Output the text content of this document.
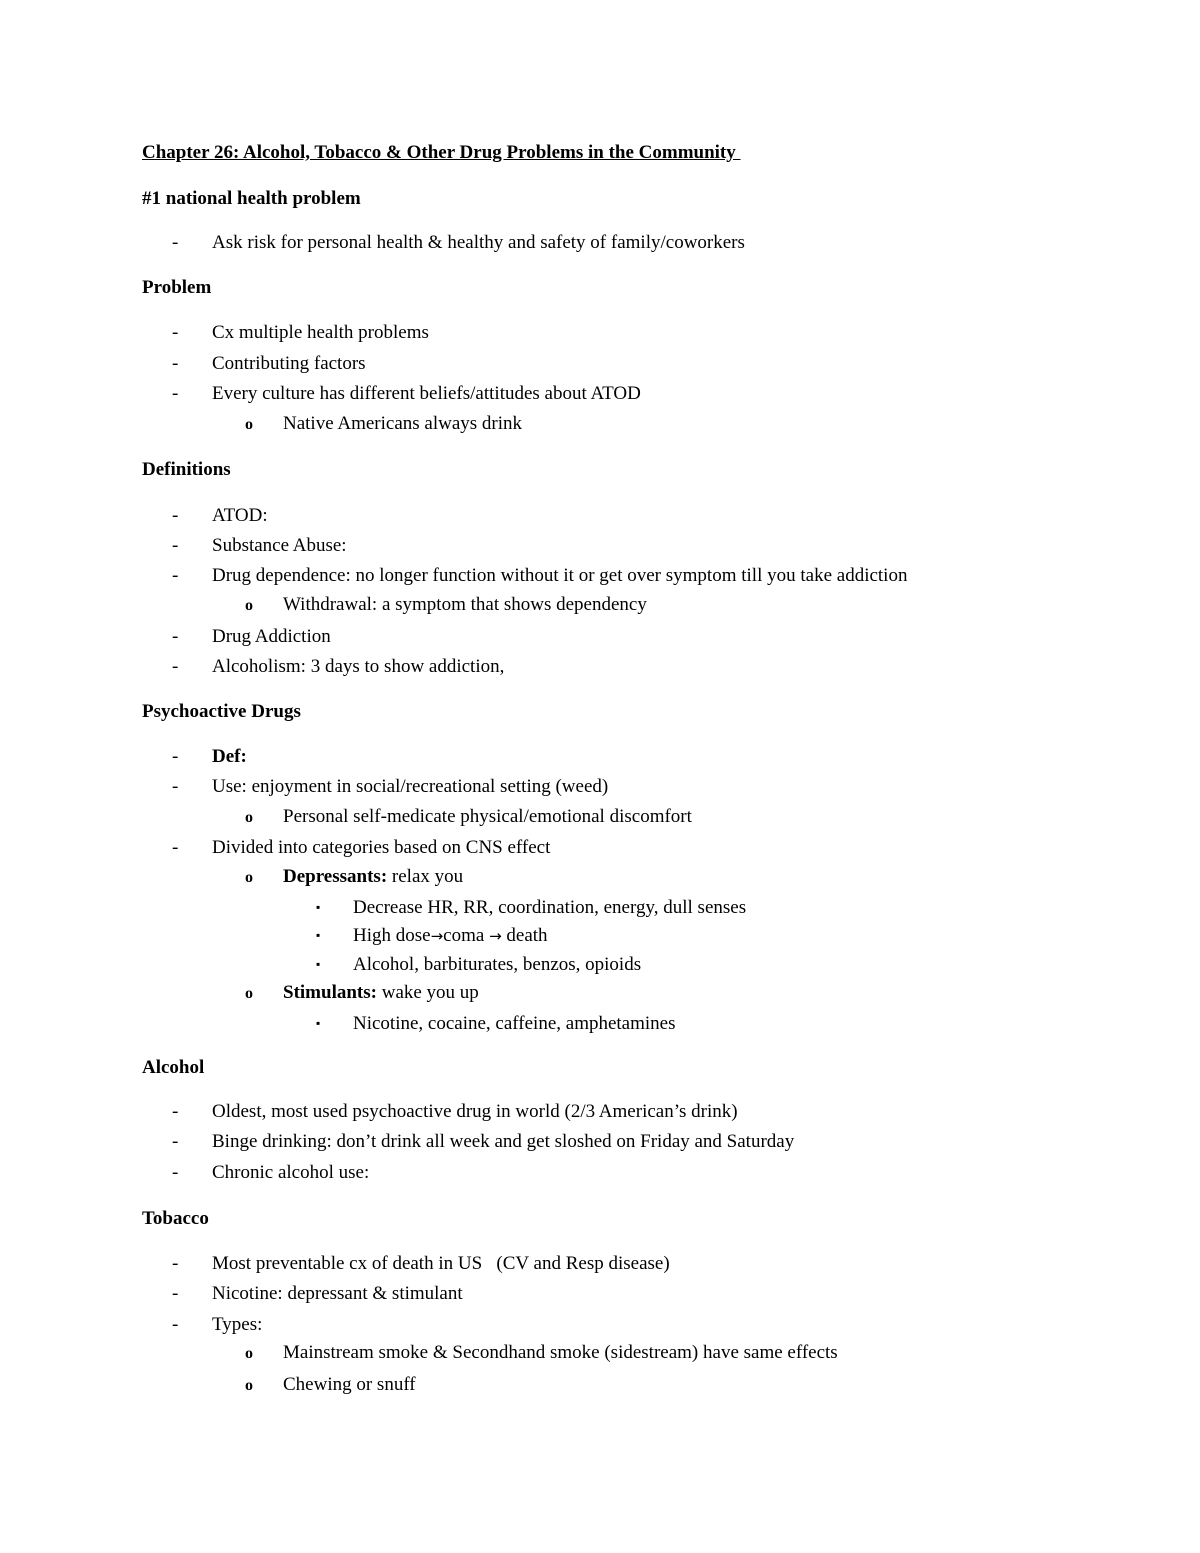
Chapter 26: Alcohol, Tobacco & Other Drug Problems in the Community
#1 national health problem
- Ask risk for personal health & healthy and safety of family/coworkers
Problem
- Cx multiple health problems
- Contributing factors
- Every culture has different beliefs/attitudes about ATOD
o Native Americans always drink
Definitions
- ATOD:
- Substance Abuse:
- Drug dependence: no longer function without it or get over symptom till you take addiction
o Withdrawal: a symptom that shows dependency
- Drug Addiction
- Alcoholism: 3 days to show addiction,
Psychoactive Drugs
- Def:
- Use: enjoyment in social/recreational setting (weed)
o Personal self-medicate physical/emotional discomfort
- Divided into categories based on CNS effect
o Depressants: relax you
▪ Decrease HR, RR, coordination, energy, dull senses
▪ High dose→coma → death
▪ Alcohol, barbiturates, benzos, opioids
o Stimulants: wake you up
▪ Nicotine, cocaine, caffeine, amphetamines
Alcohol
- Oldest, most used psychoactive drug in world (2/3 American’s drink)
- Binge drinking: don’t drink all week and get sloshed on Friday and Saturday
- Chronic alcohol use:
Tobacco
- Most preventable cx of death in US   (CV and Resp disease)
- Nicotine: depressant & stimulant
- Types:
o Mainstream smoke & Secondhand smoke (sidestream) have same effects
o Chewing or snuff
